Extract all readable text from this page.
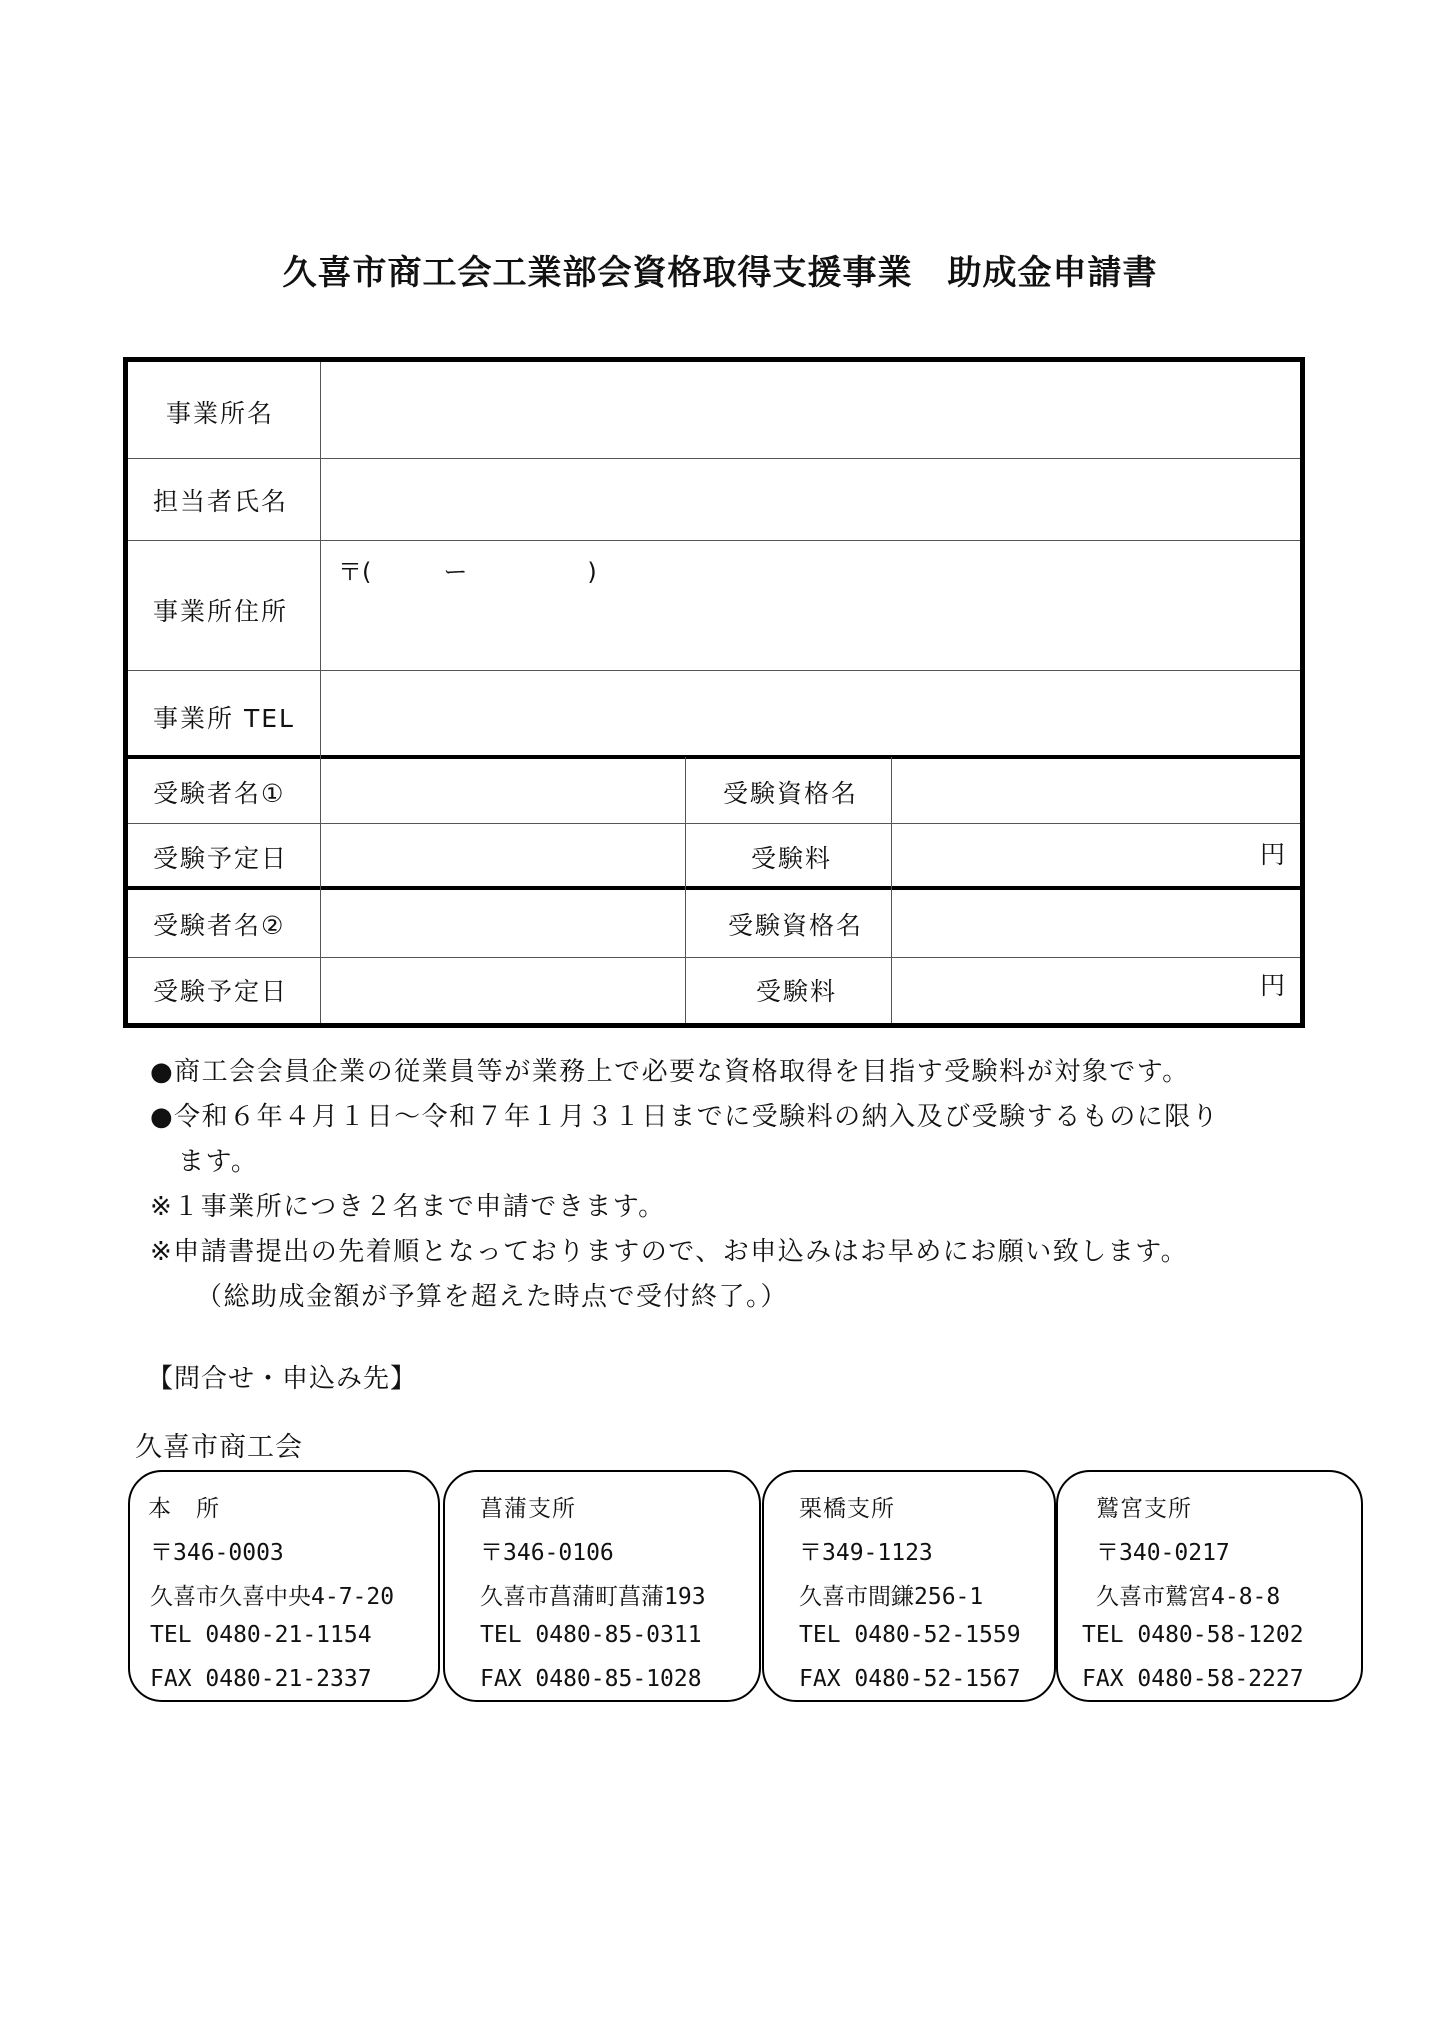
久喜市商工会工業部会資格取得支援事業　助成金申請書
事業所名
担当者氏名
事業所住所
〒(　　　ー　　　　　)
事業所 TEL
受験者名①	受験資格名
受験予定日	受験料	円
受験者名②	受験資格名
受験予定日	受験料	円
●商工会会員企業の従業員等が業務上で必要な資格取得を目指す受験料が対象です。
●令和６年４月１日～令和７年１月３１日までに受験料の納入及び受験するものに限り
ます。
※１事業所につき２名まで申請できます。
※申請書提出の先着順となっておりますので、お申込みはお早めにお願い致します。
（総助成金額が予算を超えた時点で受付終了。）
【問合せ・申込み先】
久喜市商工会
本　所
〒346-0003
久喜市久喜中央4-7-20
TEL 0480-21-1154
FAX 0480-21-2337
菖蒲支所
〒346-0106
久喜市菖蒲町菖蒲193
TEL 0480-85-0311
FAX 0480-85-1028
栗橋支所
〒349-1123
久喜市間鎌256-1
TEL 0480-52-1559
FAX 0480-52-1567
鷲宮支所
〒340-0217
久喜市鷲宮4-8-8
TEL 0480-58-1202
FAX 0480-58-2227
